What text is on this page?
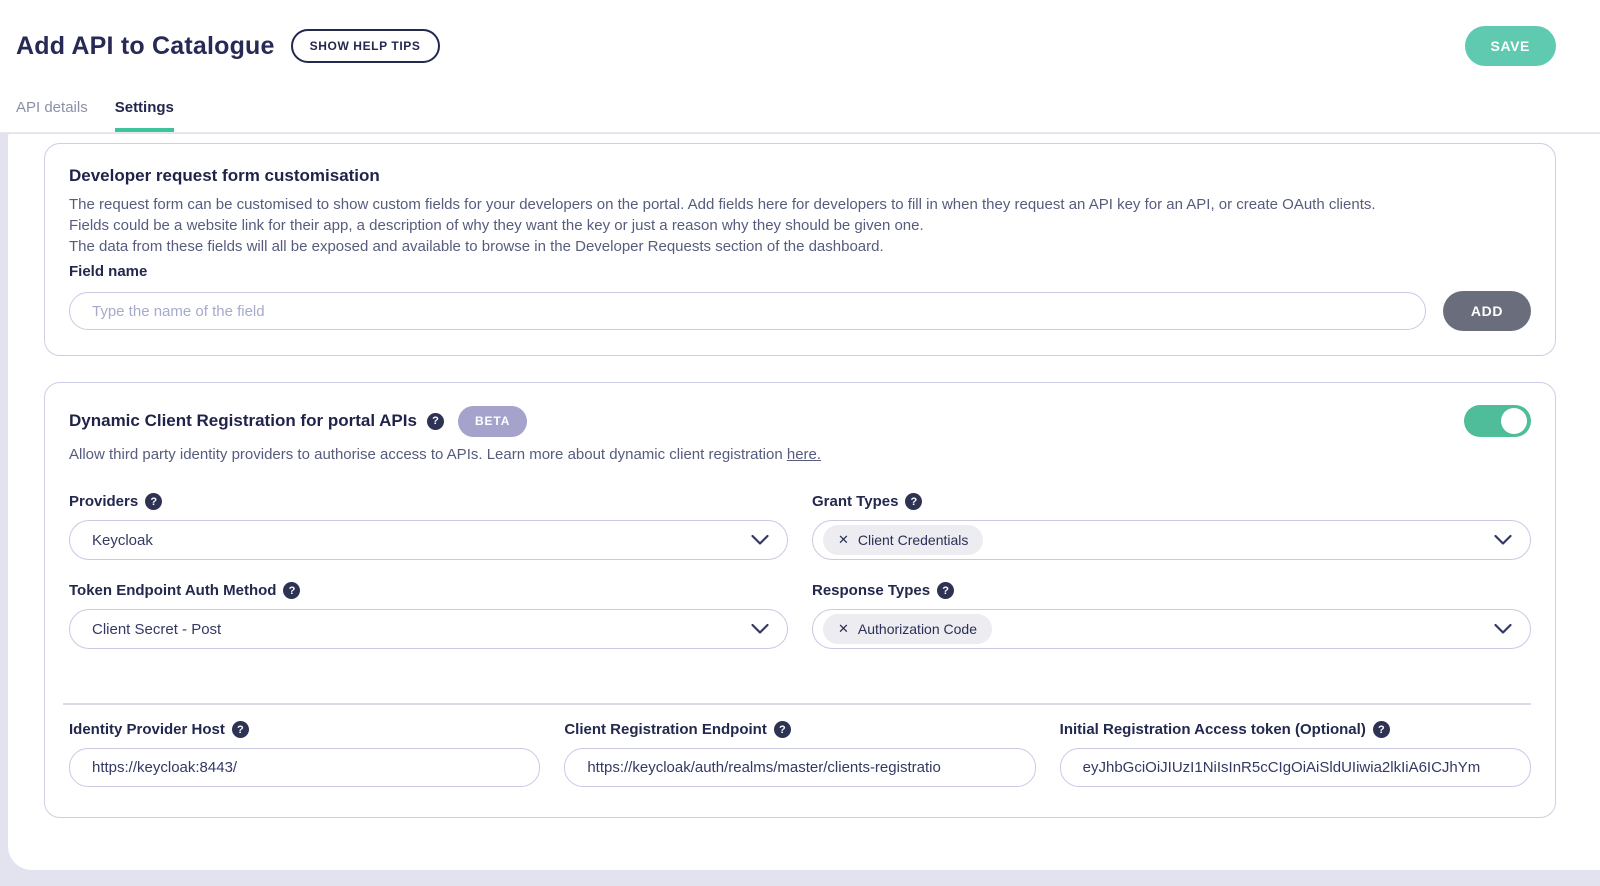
Add API to Catalogue	SHOW HELP TIPS	SAVE
API details Settings
Developer request form customisation
The request form can be customised to show custom fields for your developers on the portal. Add fields here for developers to fill in when they request an API key for an API, or create OAuth clients.
Fields could be a website link for their app, a description of why they want the key or just a reason why they should be given one.
The data from these fields will all be exposed and available to browse in the Developer Requests section of the dashboard.
Field name
Type the name of the field
ADD
Dynamic Client Registration for portal APIs	?	BETA
Allow third party identity providers to authorise access to APIs. Learn more about dynamic client registration here.
Providers	?
Keycloak
Grant Types	?
✕ Client Credentials
Token Endpoint Auth Method	?
Client Secret - Post
Response Types	?
✕ Authorization Code
Identity Provider Host	?
https://keycloak:8443/	Client Registration Endpoint	?
https://keycloak/auth/realms/master/clients-registratio	Initial Registration Access token (Optional)	?
eyJhbGciOiJIUzI1NiIsInR5cCIgOiAiSldUIiwia2lkIiA6ICJhYm
